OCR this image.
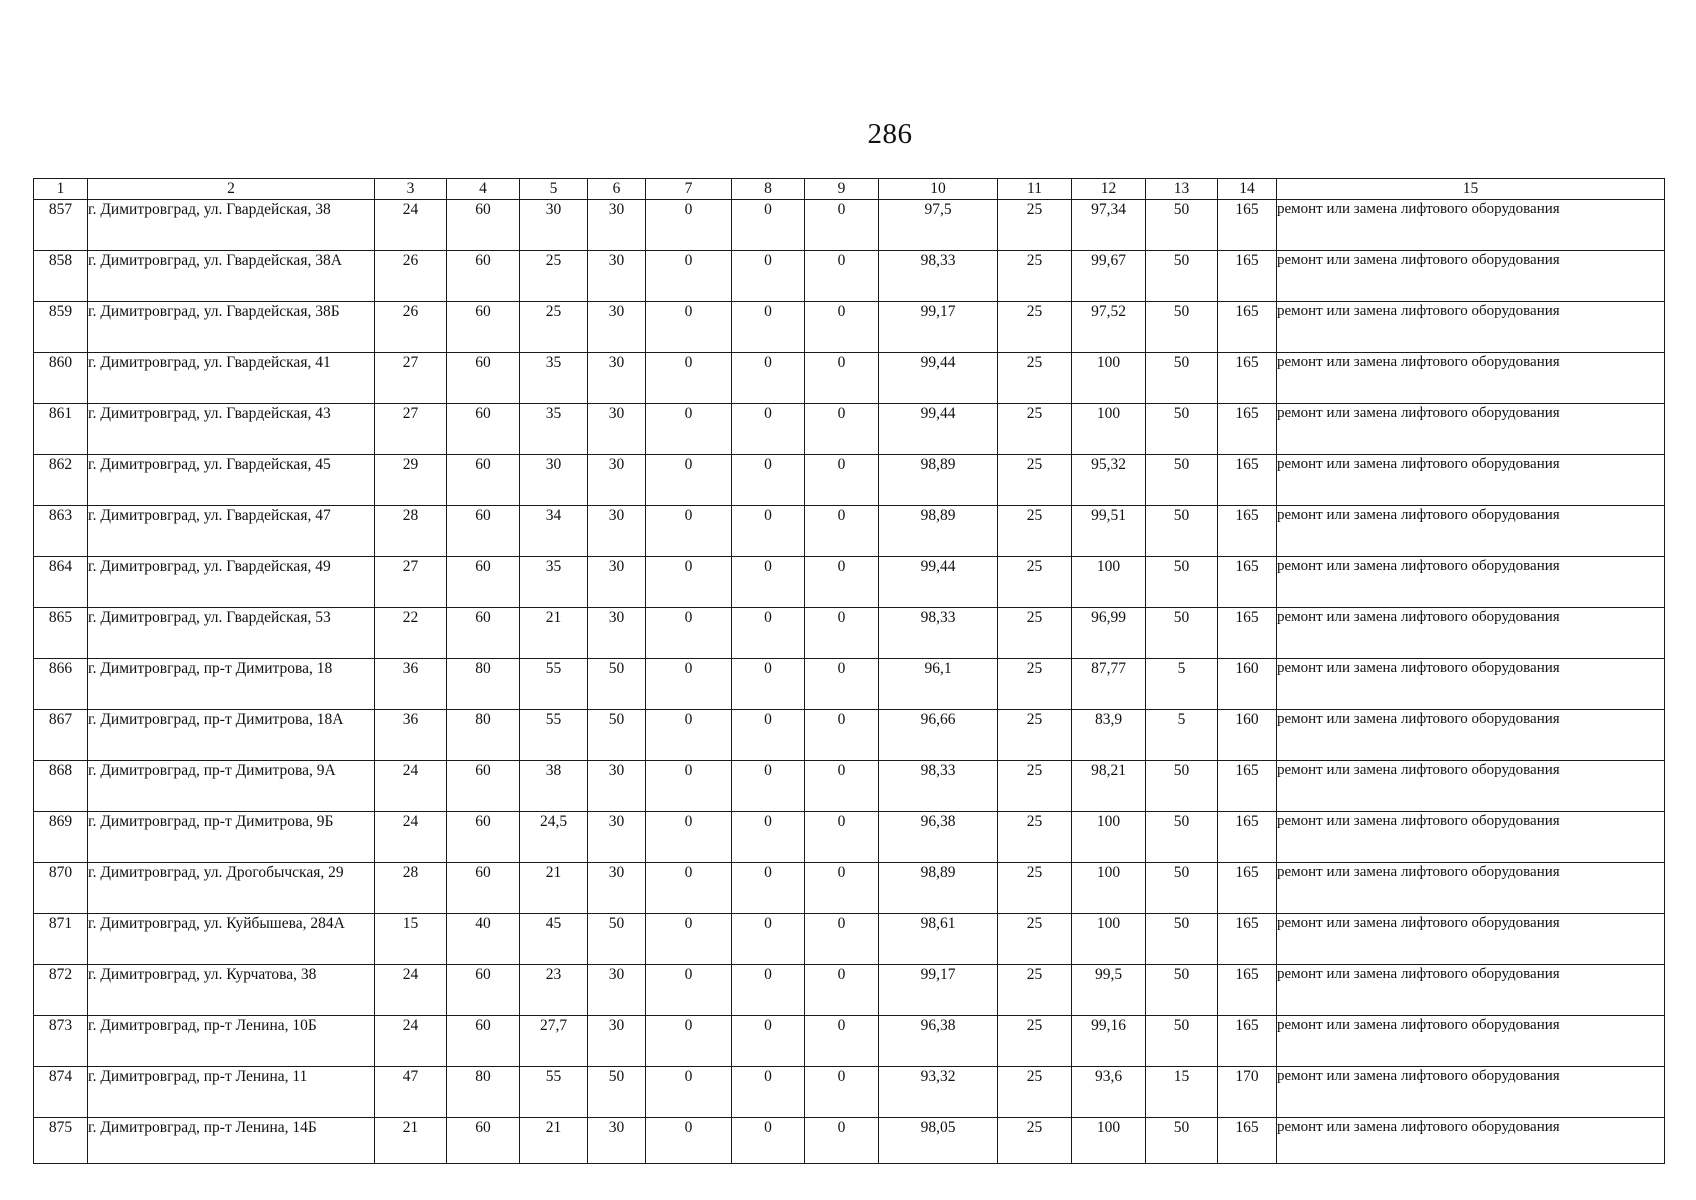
286
1	2	3	4	5	6	7	8	9	10	11	12	13	14	15
857	г. Димитровград, ул. Гвардейская, 38	24	60	30	30	0	0	0	97,5	25	97,34	50	165	ремонт или замена лифтового оборудования
858	г. Димитровград, ул. Гвардейская, 38А	26	60	25	30	0	0	0	98,33	25	99,67	50	165	ремонт или замена лифтового оборудования
859	г. Димитровград, ул. Гвардейская, 38Б	26	60	25	30	0	0	0	99,17	25	97,52	50	165	ремонт или замена лифтового оборудования
860	г. Димитровград, ул. Гвардейская, 41	27	60	35	30	0	0	0	99,44	25	100	50	165	ремонт или замена лифтового оборудования
861	г. Димитровград, ул. Гвардейская, 43	27	60	35	30	0	0	0	99,44	25	100	50	165	ремонт или замена лифтового оборудования
862	г. Димитровград, ул. Гвардейская, 45	29	60	30	30	0	0	0	98,89	25	95,32	50	165	ремонт или замена лифтового оборудования
863	г. Димитровград, ул. Гвардейская, 47	28	60	34	30	0	0	0	98,89	25	99,51	50	165	ремонт или замена лифтового оборудования
864	г. Димитровград, ул. Гвардейская, 49	27	60	35	30	0	0	0	99,44	25	100	50	165	ремонт или замена лифтового оборудования
865	г. Димитровград, ул. Гвардейская, 53	22	60	21	30	0	0	0	98,33	25	96,99	50	165	ремонт или замена лифтового оборудования
866	г. Димитровград, пр-т Димитрова, 18	36	80	55	50	0	0	0	96,1	25	87,77	5	160	ремонт или замена лифтового оборудования
867	г. Димитровград, пр-т Димитрова, 18А	36	80	55	50	0	0	0	96,66	25	83,9	5	160	ремонт или замена лифтового оборудования
868	г. Димитровград, пр-т Димитрова, 9А	24	60	38	30	0	0	0	98,33	25	98,21	50	165	ремонт или замена лифтового оборудования
869	г. Димитровград, пр-т Димитрова, 9Б	24	60	24,5	30	0	0	0	96,38	25	100	50	165	ремонт или замена лифтового оборудования
870	г. Димитровград, ул. Дрогобычская, 29	28	60	21	30	0	0	0	98,89	25	100	50	165	ремонт или замена лифтового оборудования
871	г. Димитровград, ул. Куйбышева, 284А	15	40	45	50	0	0	0	98,61	25	100	50	165	ремонт или замена лифтового оборудования
872	г. Димитровград, ул. Курчатова, 38	24	60	23	30	0	0	0	99,17	25	99,5	50	165	ремонт или замена лифтового оборудования
873	г. Димитровград, пр-т Ленина, 10Б	24	60	27,7	30	0	0	0	96,38	25	99,16	50	165	ремонт или замена лифтового оборудования
874	г. Димитровград, пр-т Ленина, 11	47	80	55	50	0	0	0	93,32	25	93,6	15	170	ремонт или замена лифтового оборудования
875	г. Димитровград, пр-т Ленина, 14Б	21	60	21	30	0	0	0	98,05	25	100	50	165	ремонт или замена лифтового оборудования
